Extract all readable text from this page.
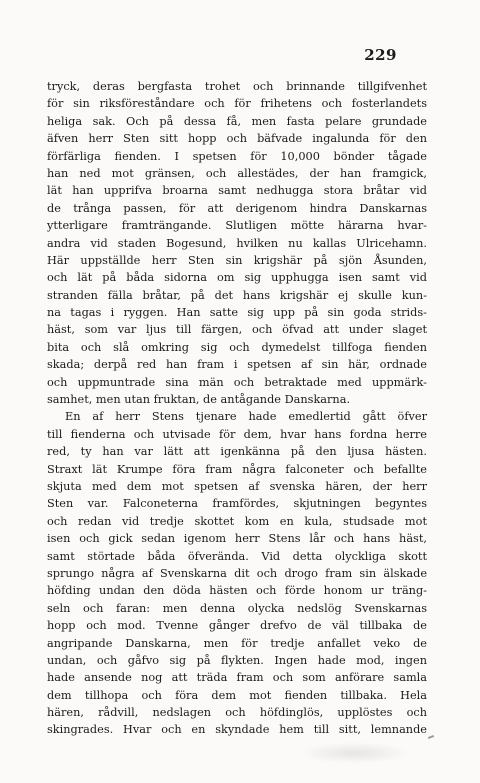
229
tryck, deras bergfasta trohet och brinnande tillgifvenhet
för sin riksföreståndare och för frihetens och fosterlandets
heliga sak. Och på dessa få, men fasta pelare grundade
äfven herr Sten sitt hopp och bäfvade ingalunda för den
förfärliga fienden. I spetsen för 10,000 bönder tågade
han ned mot gränsen, och allestädes, der han framgick,
lät han upprifva broarna samt nedhugga stora bråtar vid
de trånga passen, för att derigenom hindra Danskarnas
ytterligare framträngande. Slutligen mötte härarna hvar-
andra vid staden Bogesund, hvilken nu kallas Ulricehamn.
Här uppställde herr Sten sin krigshär på sjön Åsunden,
och lät på båda sidorna om sig upphugga isen samt vid
stranden fälla bråtar, på det hans krigshär ej skulle kun-
na tagas i ryggen. Han satte sig upp på sin goda strids-
häst, som var ljus till färgen, och öfvad att under slaget
bita och slå omkring sig och dymedelst tillfoga fienden
skada; derpå red han fram i spetsen af sin här, ordnade
och uppmuntrade sina män och betraktade med uppmärk-
samhet, men utan fruktan, de antågande Danskarna.
En af herr Stens tjenare hade emedlertid gått öfver
till fienderna och utvisade för dem, hvar hans fordna herre
red, ty han var lätt att igenkänna på den ljusa hästen.
Straxt lät Krumpe föra fram några falconeter och befallte
skjuta med dem mot spetsen af svenska hären, der herr
Sten var. Falconeterna framfördes, skjutningen begyntes
och redan vid tredje skottet kom en kula, studsade mot
isen och gick sedan igenom herr Stens lår och hans häst,
samt störtade båda öfverända. Vid detta olyckliga skott
sprungo några af Svenskarna dit och drogo fram sin älskade
höfding undan den döda hästen och förde honom ur träng-
seln och faran: men denna olycka nedslög Svenskarnas
hopp och mod. Tvenne gånger drefvo de väl tillbaka de
angripande Danskarna, men för tredje anfallet veko de
undan, och gåfvo sig på flykten. Ingen hade mod, ingen
hade ansende nog att träda fram och som anförare samla
dem tillhopa och föra dem mot fienden tillbaka. Hela
hären, rådvill, nedslagen och höfdinglös, upplöstes och
skingrades. Hvar och en skyndade hem till sitt, lemnande
